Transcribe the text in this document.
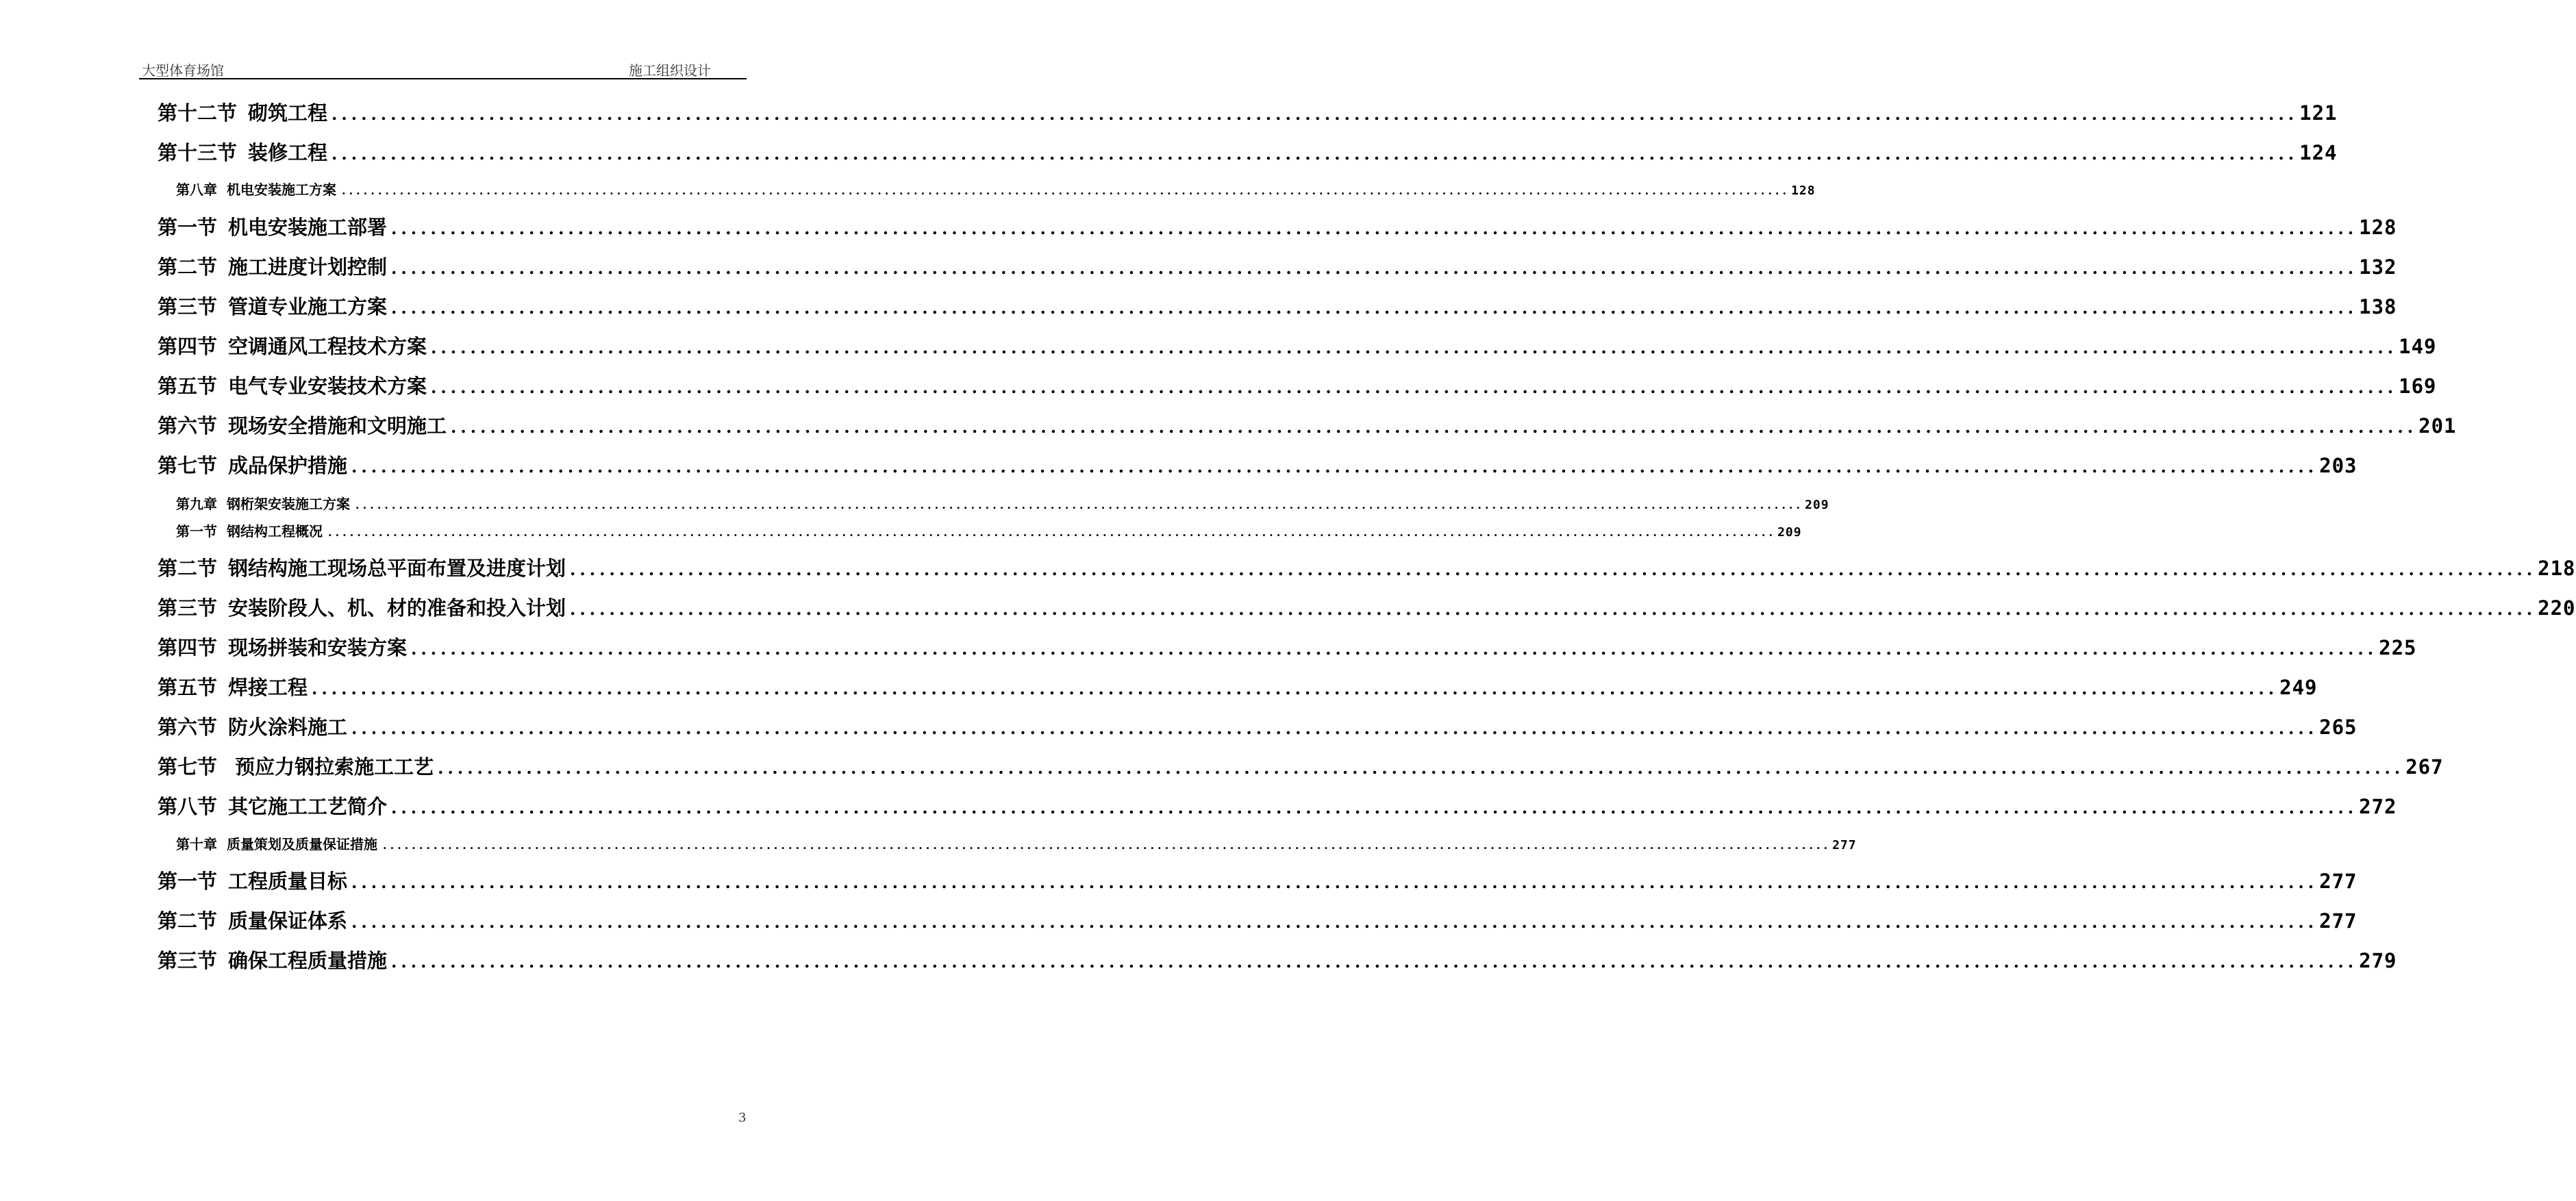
大型体育场馆	施工组织设计
第十二节 砌筑工程 ........................................................................................................................................................................................................ 121
第十三节 装修工程 ........................................................................................................................................................................................................ 124
第八章 机电安装施工方案 ........................................................................................................................................................................................................ 128
第一节 机电安装施工部署 ........................................................................................................................................................................................................ 128
第二节 施工进度计划控制 ........................................................................................................................................................................................................ 132
第三节 管道专业施工方案 ........................................................................................................................................................................................................ 138
第四节 空调通风工程技术方案 ........................................................................................................................................................................................................ 149
第五节 电气专业安装技术方案 ........................................................................................................................................................................................................ 169
第六节 现场安全措施和文明施工 ........................................................................................................................................................................................................ 201
第七节 成品保护措施 ........................................................................................................................................................................................................ 203
第九章 钢桁架安装施工方案 ........................................................................................................................................................................................................ 209
第一节 钢结构工程概况 ........................................................................................................................................................................................................ 209
第二节 钢结构施工现场总平面布置及进度计划 ........................................................................................................................................................................................................ 218
第三节 安装阶段人、机、材的准备和投入计划 ........................................................................................................................................................................................................ 220
第四节 现场拼装和安装方案 ........................................................................................................................................................................................................ 225
第五节 焊接工程 ........................................................................................................................................................................................................ 249
第六节 防火涂料施工 ........................................................................................................................................................................................................ 265
第七节 预应力钢拉索施工工艺 ........................................................................................................................................................................................................ 267
第八节 其它施工工艺简介 ........................................................................................................................................................................................................ 272
第十章 质量策划及质量保证措施 ........................................................................................................................................................................................................ 277
第一节 工程质量目标 ........................................................................................................................................................................................................ 277
第二节 质量保证体系 ........................................................................................................................................................................................................ 277
第三节 确保工程质量措施 ........................................................................................................................................................................................................ 279
3
